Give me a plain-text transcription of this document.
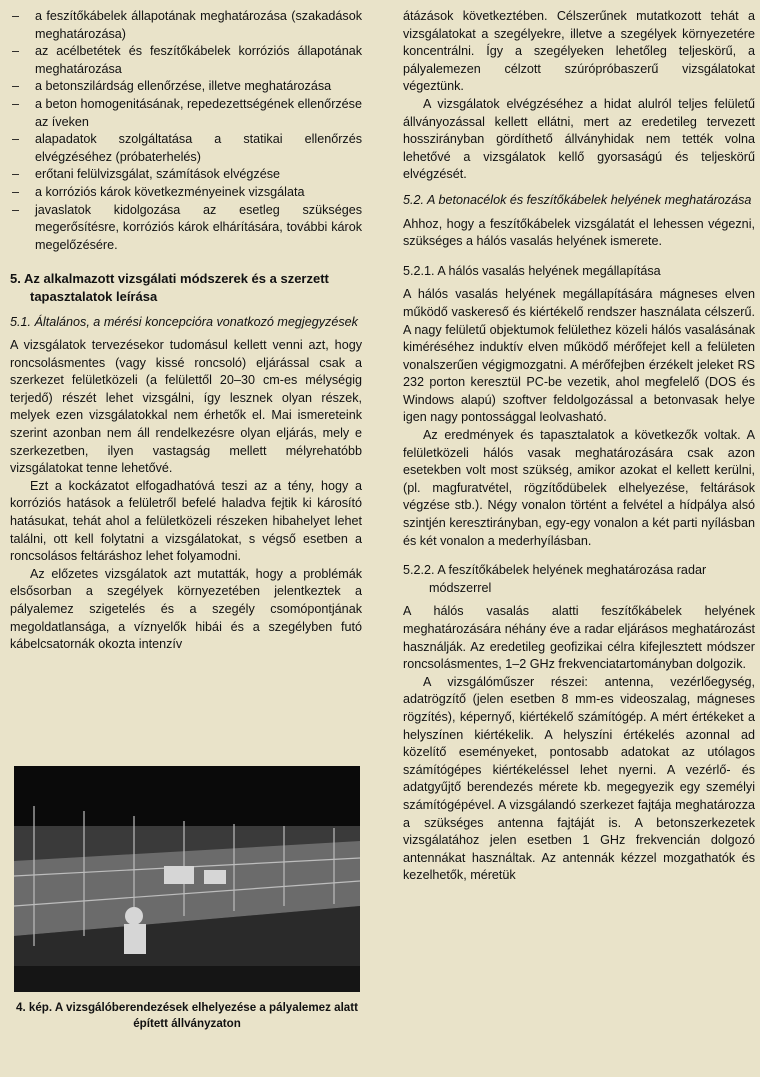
– a feszítőkábelek állapotának meghatározása (szakadások meghatározása)
– az acélbetétek és feszítőkábelek korróziós állapotának meghatározása
– a betonszilárdság ellenőrzése, illetve meghatározása
– a beton homogenitásának, repedezettségének ellenőrzése az íveken
– alapadatok szolgáltatása a statikai ellenőrzés elvégzéséhez (próbaterhelés)
– erőtani felülvizsgálat, számítások elvégzése
– a korróziós károk következményeinek vizsgálata
– javaslatok kidolgozása az esetleg szükséges megerősítésre, korróziós károk elhárítására, további károk megelőzésére.
5. Az alkalmazott vizsgálati módszerek és a szerzett tapasztalatok leírása
5.1. Általános, a mérési koncepcióra vonatkozó megjegyzések

A vizsgálatok tervezésekor tudomásul kellett venni azt, hogy roncsolásmentes (vagy kissé roncsoló) eljárással csak a szerkezet felületközeli (a felülettől 20–30 cm-es mélységig terjedő) részét lehet vizsgálni, így lesznek olyan részek, melyek ezen vizsgálatokkal nem érhetők el. Mai ismereteink szerint azonban nem áll rendelkezésre olyan eljárás, mely e szerkezetben, ilyen vastagság mellett mélyrehatóbb vizsgálatokat tenne lehetővé.

Ezt a kockázatot elfogadhatóvá teszi az a tény, hogy a korróziós hatások a felületről befelé haladva fejtik ki károsító hatásukat, tehát ahol a felületközeli részeken hibahelyet lehet találni, ott kell folytatni a vizsgálatokat, s végső esetben a roncsolásos feltáráshoz lehet folyamodni.

Az előzetes vizsgálatok azt mutatták, hogy a problémák elsősorban a szegélyek környezetében jelentkeztek a pályalemez szigetelés és a szegély csomópontjának megoldatlansága, a víznyelők hibái és a szegélyben futó kábelcsatornák okozta intenzív

4. kép. A vizsgálóberendezések elhelyezése a pályalemez alatt épített állványzaton

átázások következtében. Célszerűnek mutatkozott tehát a vizsgálatokat a szegélyekre, illetve a szegélyek környezetére koncentrálni. Így a szegélyeken lehetőleg teljeskörű, a pályalemezen célzott szúrópróbaszerű vizsgálatokat végeztünk.

A vizsgálatok elvégzéséhez a hidat alulról teljes felületű állványozással kellett ellátni, mert az eredetileg tervezett hosszirányban gördíthető állványhidak nem tették volna lehetővé a vizsgálatok kellő gyorsaságú és teljeskörű elvégzését.

5.2. A betonacélok és feszítőkábelek helyének meghatározása

Ahhoz, hogy a feszítőkábelek vizsgálatát el lehessen végezni, szükséges a hálós vasalás helyének ismerete.

5.2.1. A hálós vasalás helyének megállapítása

A hálós vasalás helyének megállapítására mágneses elven működő vaskereső és kiértékelő rendszer használata célszerű. A nagy felületű objektumok felülethez közeli hálós vasalásának kiméréséhez induktív elven működő mérőfejet kell a felületen vonalszerűen végigmozgatni. A mérőfejben érzékelt jeleket RS 232 porton keresztül PC-be vezetik, ahol megfelelő (DOS és Windows alapú) szoftver feldolgozással a betonvasak helye igen nagy pontossággal leolvasható.

Az eredmények és tapasztalatok a következők voltak. A felületközeli hálós vasak meghatározására csak azon esetekben volt most szükség, amikor azokat el kellett kerülni, (pl. magfuratvétel, rögzítődübelek elhelyezése, feltárások végzése stb.). Négy vonalon történt a felvétel a hídpálya alsó szintjén keresztirányban, egy-egy vonalon a két parti nyílásban és két vonalon a mederhyílásban.

5.2.2. A feszítőkábelek helyének meghatározása radar módszerrel

A hálós vasalás alatti feszítőkábelek helyének meghatározására néhány éve a radar eljárásos meghatározást használják. Az eredetileg geofizikai célra kifejlesztett módszer roncsolásmentes, 1–2 GHz frekvenciatartományban dolgozik.

A vizsgálóműszer részei: antenna, vezérlőegység, adatrögzítő (jelen esetben 8 mm-es videoszalag, mágneses rögzítés), képernyő, kiértékelő számítógép. A mért értékeket a helyszínen kiértékelik. A helyszíni értékelés azonnal ad közelítő eseményeket, pontosabb adatokat az utólagos számítógépes kiértékeléssel lehet nyerni. A vezérlő- és adatgyűjtő berendezés mérete kb. megegyezik egy személyi számítógépével. A vizsgálandó szerkezet fajtája meghatározza a szükséges antenna fajtáját is. A betonszerkezetek vizsgálatához jelen esetben 1 GHz frekvencián dolgozó antennákat használtak. Az antennák kézzel mozgathatók és kezelhetők, méretük
